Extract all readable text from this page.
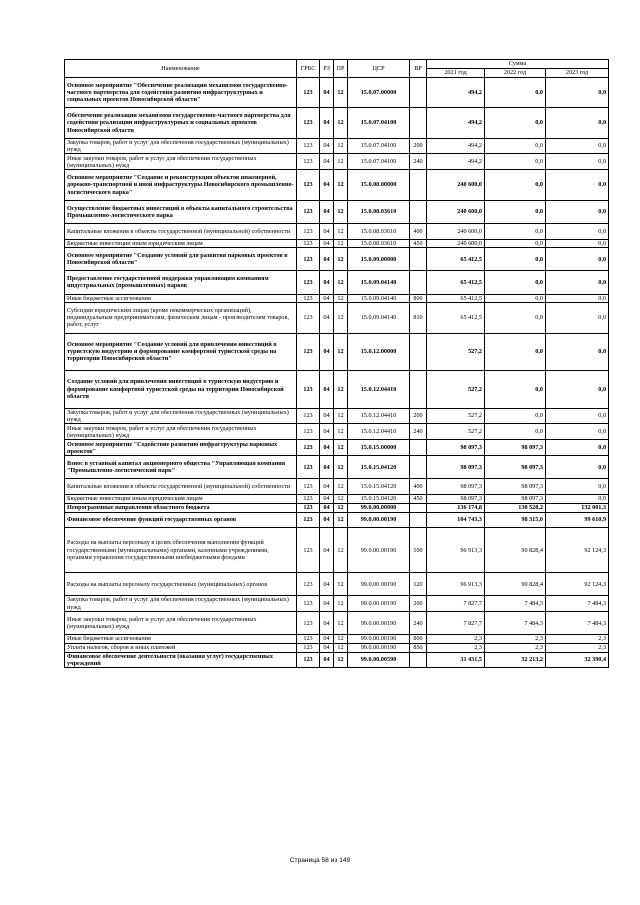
Наименование	ГРБС	РЗ	ПР	ЦСР	ВР	Сумма		
						2021 год	2022 год	2023 год
Основное мероприятие "Обеспечение реализации механизмов государственно-частного партнерства для содействия развитию инфраструктурных и социальных проектов Новосибирской области"	123	04	12	15.0.07.00000		494,2	0,0	0,0
Обеспечение реализации механизмов государственно-частного партнерства для содействия реализации инфраструктурных и социальных проектов Новосибирской области	123	04	12	15.0.07.04100		494,2	0,0	0,0
Закупка товаров, работ и услуг для обеспечения государственных (муниципальных) нужд	123	04	12	15.0.07.04100	200	494,2	0,0	0,0
Иные закупки товаров, работ и услуг для обеспечения государственных (муниципальных) нужд	123	04	12	15.0.07.04100	240	494,2	0,0	0,0
Основное мероприятие "Создание и реконструкция объектов инженерной, дорожно-транспортной и иной инфраструктуры Новосибирского промышленно-логистического парка"	123	04	12	15.0.08.00000		240 600,0	0,0	0,0
Осуществление бюджетных инвестиций в объекты капитального строительства Промышленно-логистического парка	123	04	12	15.0.08.03610		240 600,0	0,0	0,0
Капитальные вложения в объекты государственной (муниципальной) собственности	123	04	12	15.0.08.03610	400	240 600,0	0,0	0,0
Бюджетные инвестиции иным юридическим лицам	123	04	12	15.0.08.03610	450	240 600,0	0,0	0,0
Основное мероприятие "Создание условий для развития парковых проектов в Новосибирской области"	123	04	12	15.0.09.00000		65 412,5	0,0	0,0
Предоставление государственной поддержки управляющим компаниям индустриальных (промышленных) парков	123	04	12	15.0.09.04140		65 412,5	0,0	0,0
Иные бюджетные ассигнования	123	04	12	15.0.09.04140	800	65 412,5	0,0	0,0
Субсидии юридическим лицам (кроме некоммерческих организаций), индивидуальным предпринимателям, физическим лицам - производителям товаров, работ, услуг	123	04	12	15.0.09.04140	810	65 412,5	0,0	0,0
Основное мероприятие "Создание условий для привлечения инвестиций в туристскую индустрию и формирование комфортной туристской среды на территории Новосибирской области"	123	04	12	15.0.12.00000		527,2	0,0	0,0
Создание условий для привлечения инвестиций в туристскую индустрию и формирование комфортной туристской среды на территории Новосибирской области	123	04	12	15.0.12.04410		527,2	0,0	0,0
Закупка товаров, работ и услуг для обеспечения государственных (муниципальных) нужд	123	04	12	15.0.12.04410	200	527,2	0,0	0,0
Иные закупки товаров, работ и услуг для обеспечения государственных (муниципальных) нужд	123	04	12	15.0.12.04410	240	527,2	0,0	0,0
Основное мероприятие "Содействие развитию инфраструктуры парковых проектов"	123	04	12	15.0.15.00000		98 097,3	98 097,3	0,0
Взнос в уставный капитал акционерного общества "Управляющая компания "Промышленно-логистический парк"	123	04	12	15.0.15.04120		98 097,3	98 097,3	0,0
Капитальные вложения в объекты государственной (муниципальной) собственности	123	04	12	15.0.15.04120	400	98 097,3	98 097,3	0,0
Бюджетные инвестиции иным юридическим лицам	123	04	12	15.0.15.04120	450	98 097,3	98 097,3	0,0
Непрограммные направления областного бюджета	123	04	12	99.0.00.00000		136 174,8	130 528,2	132 001,3
Финансовое обеспечение функций государственных органов	123	04	12	99.0.00.00190		104 743,3	98 315,0	99 610,9
Расходы на выплаты персоналу в целях обеспечения выполнения функций государственными (муниципальными) органами, казенными учреждениями, органами управления государственными внебюджетными фондами	123	04	12	99.0.00.00190	100	96 913,3	90 828,4	92 124,3
Расходы на выплаты персоналу государственных (муниципальных) органов	123	04	12	99.0.00.00190	120	96 913,3	90 828,4	92 124,3
Закупка товаров, работ и услуг для обеспечения государственных (муниципальных) нужд	123	04	12	99.0.00.00190	200	7 827,7	7 484,3	7 484,3
Иные закупки товаров, работ и услуг для обеспечения государственных (муниципальных) нужд	123	04	12	99.0.00.00190	240	7 827,7	7 484,3	7 484,3
Иные бюджетные ассигнования	123	04	12	99.0.00.00190	800	2,3	2,3	2,3
Уплата налогов, сборов и иных платежей	123	04	12	99.0.00.00190	850	2,3	2,3	2,3
Финансовое обеспечение деятельности (оказания услуг) государственных учреждений	123	04	12	99.0.00.00590		31 431,5	32 213,2	32 390,4
Страница 58 из 149
